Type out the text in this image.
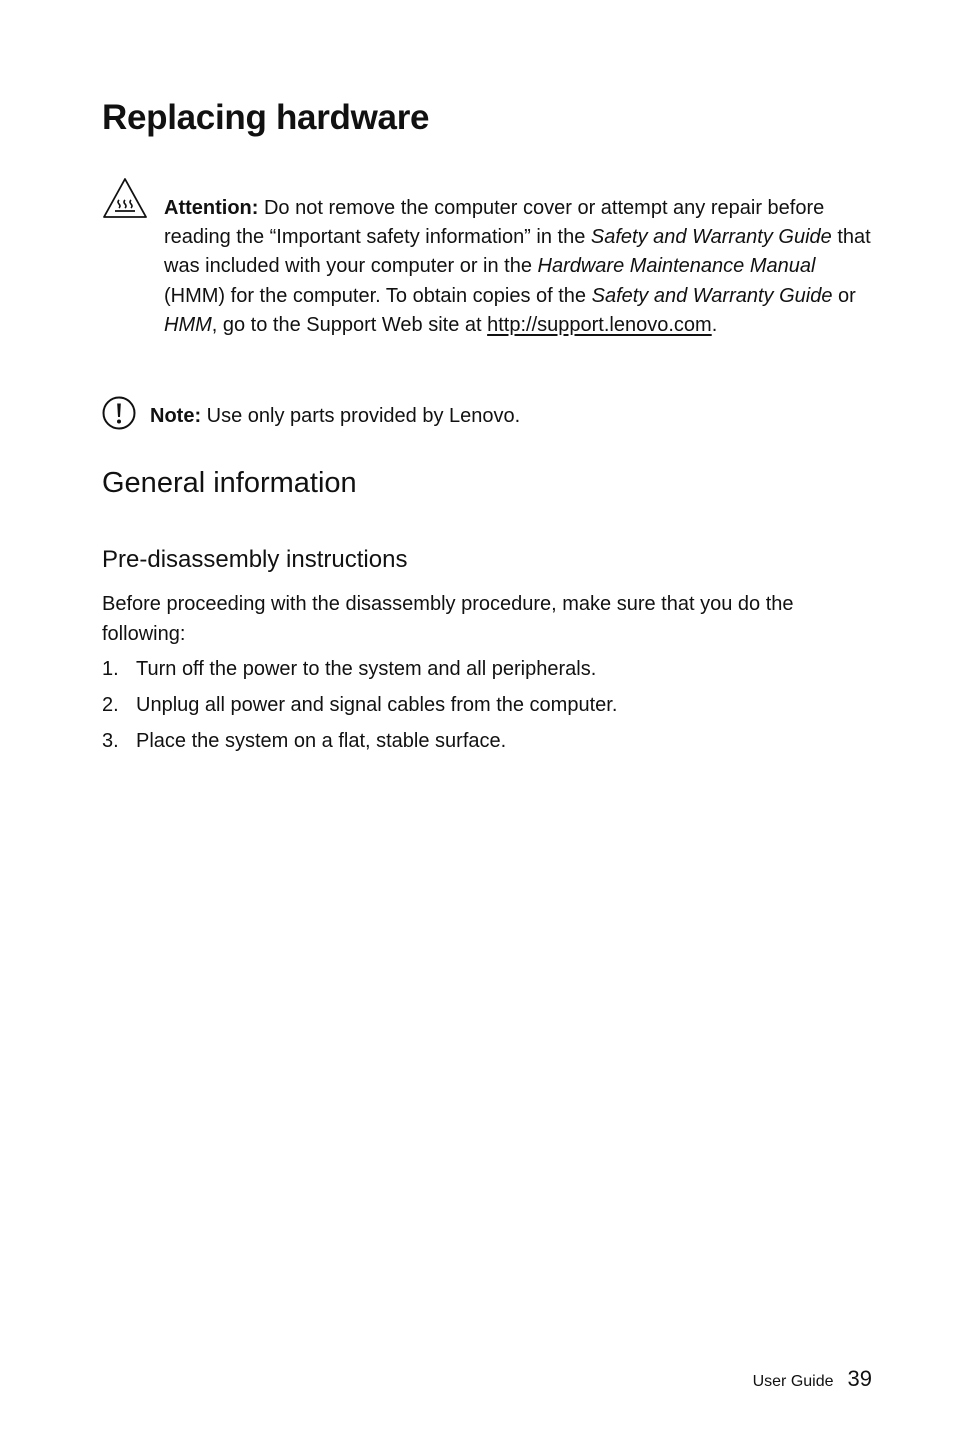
Replacing hardware
Attention: Do not remove the computer cover or attempt any repair before reading the “Important safety information” in the Safety and Warranty Guide that was included with your computer or in the Hardware Maintenance Manual (HMM) for the computer. To obtain copies of the Safety and Warranty Guide or HMM, go to the Support Web site at http://support.lenovo.com.
Note: Use only parts provided by Lenovo.
General information
Pre-disassembly instructions

Before proceeding with the disassembly procedure, make sure that you do the following:

1. Turn off the power to the system and all peripherals.
2. Unplug all power and signal cables from the computer.
3. Place the system on a flat, stable surface.
User Guide 39
